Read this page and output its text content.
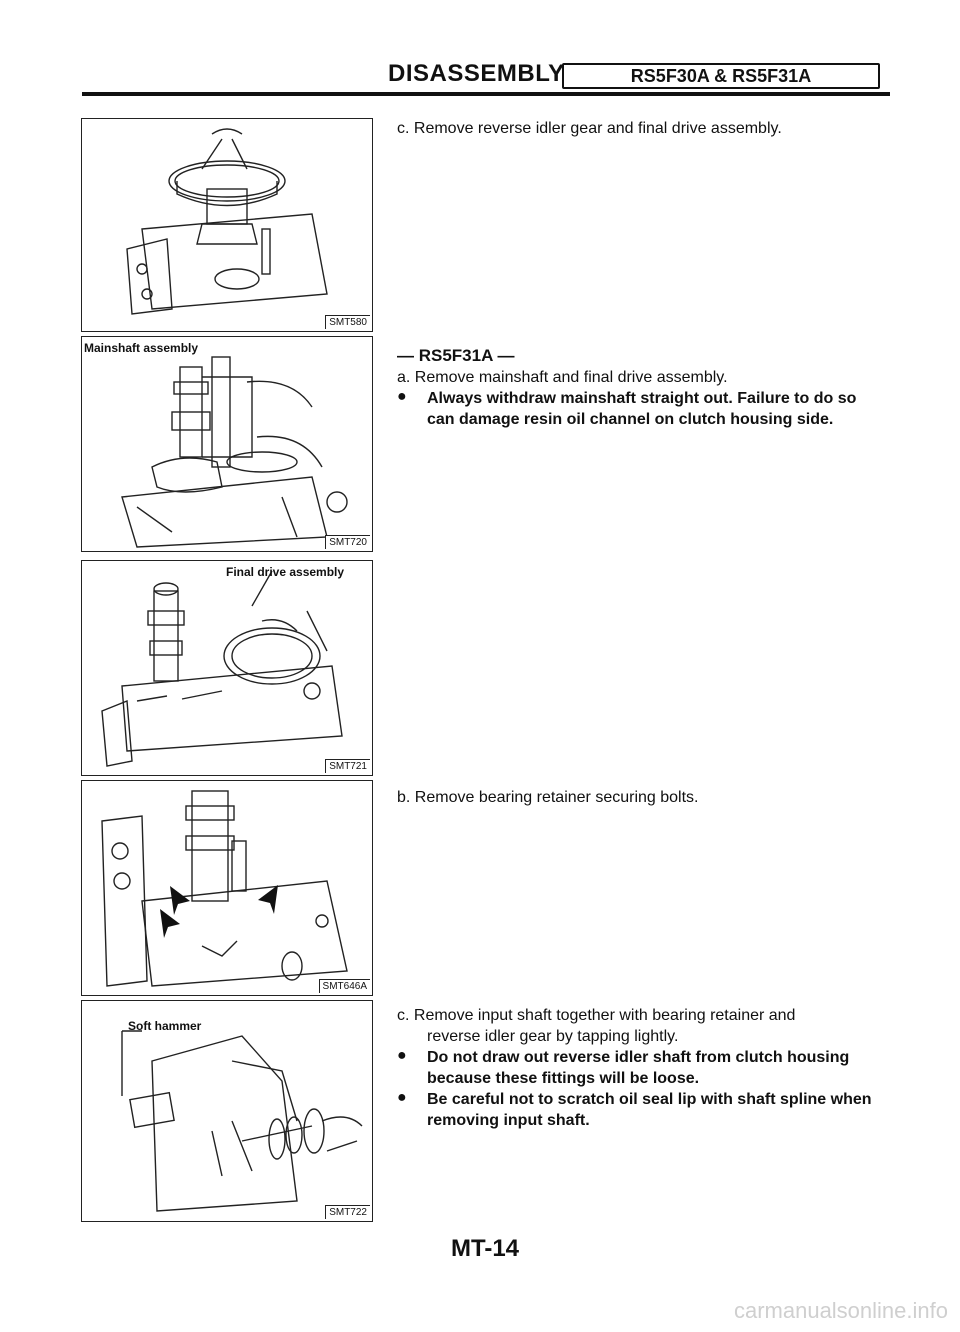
DISASSEMBLY	RS5F30A & RS5F31A
SMT580
Mainshaft assembly
SMT720
Final drive assembly
SMT721
SMT646A
Soft hammer
SMT722
c. Remove reverse idler gear and final drive assembly.
— RS5F31A —
a. Remove mainshaft and final drive assembly.
● Always withdraw mainshaft straight out. Failure to do so
can damage resin oil channel on clutch housing side.
b. Remove bearing retainer securing bolts.
c. Remove input shaft together with bearing retainer and
reverse idler gear by tapping lightly.
● Do not draw out reverse idler shaft from clutch housing
because these fittings will be loose.
● Be careful not to scratch oil seal lip with shaft spline when
removing input shaft.
MT-14
carmanualsonline.info
